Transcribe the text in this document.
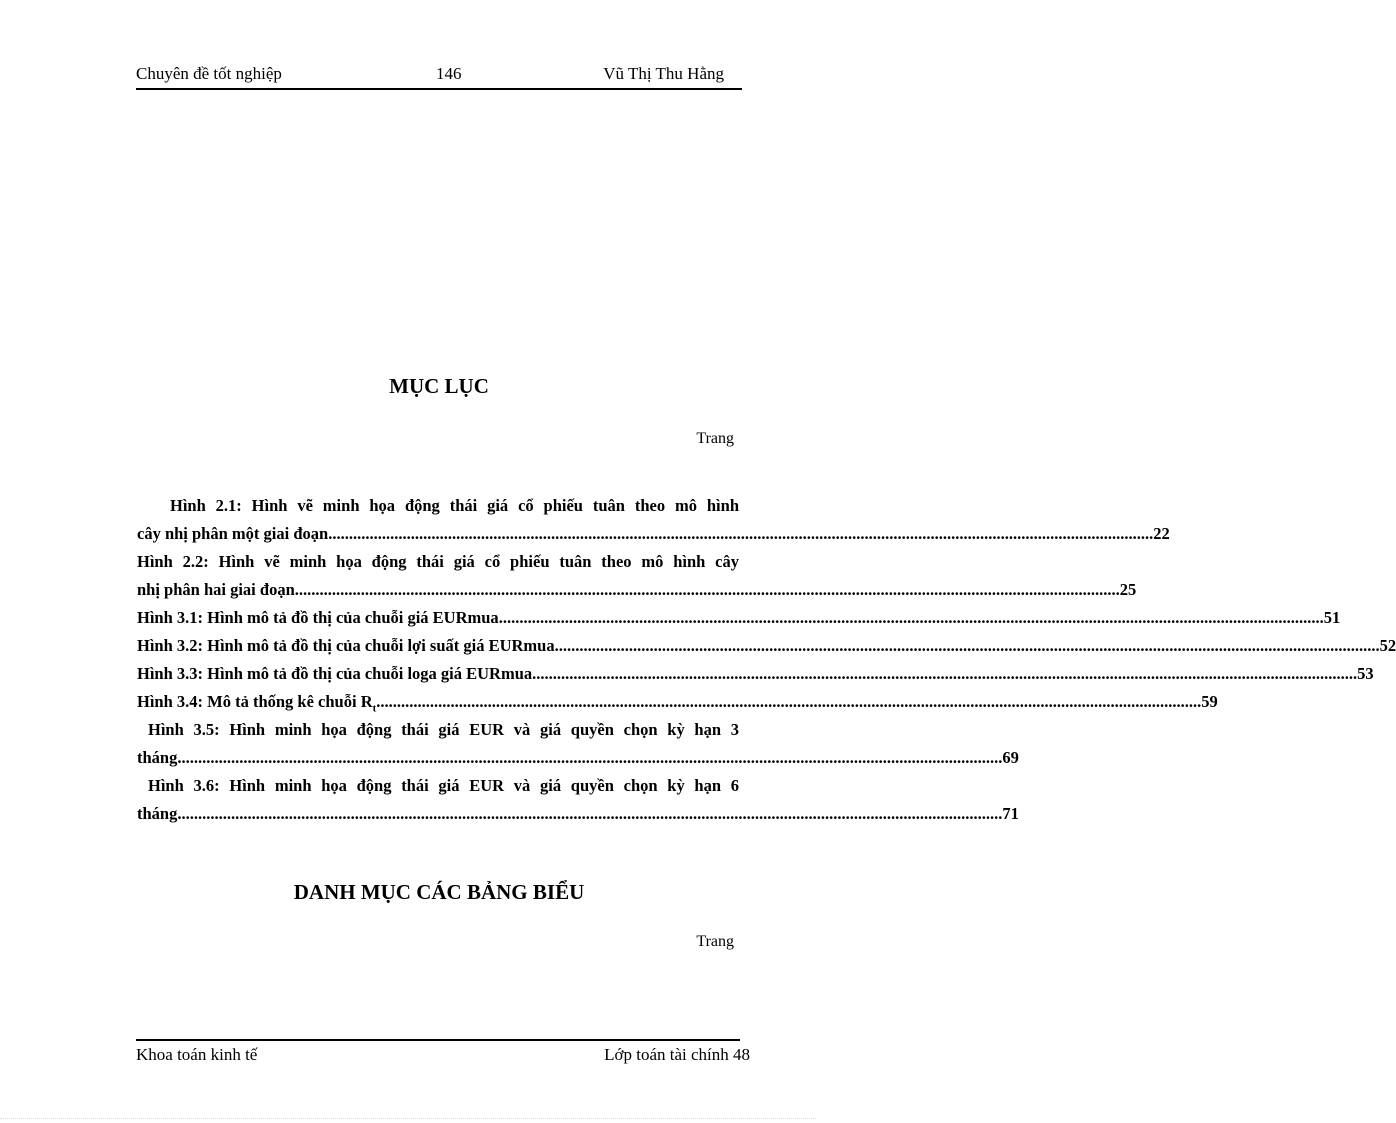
Chuyên đề tốt nghiệp	146	Vũ Thị Thu Hằng
MỤC LỤC
Trang
Hình 2.1: Hình vẽ minh họa động thái giá cổ phiếu tuân theo mô hình
cây nhị phân một giai đoạn ........................................................................................................................................................................................................ 22
Hình 2.2: Hình vẽ minh họa động thái giá cổ phiếu tuân theo mô hình cây
nhị phân hai giai đoạn ........................................................................................................................................................................................................ 25
Hình 3.1: Hình mô tả đồ thị của chuỗi giá EURmua ........................................................................................................................................................................................................ 51
Hình 3.2: Hình mô tả đồ thị của chuỗi lợi suất giá EURmua ........................................................................................................................................................................................................ 52
Hình 3.3: Hình mô tả đồ thị của chuỗi loga giá EURmua ........................................................................................................................................................................................................ 53
Hình 3.4: Mô tả thống kê chuỗi $R_t$ ........................................................................................................................................................................................................ 59
Hình 3.5: Hình minh họa động thái giá EUR và giá quyền chọn kỳ hạn 3
tháng ........................................................................................................................................................................................................ 69
Hình 3.6: Hình minh họa động thái giá EUR và giá quyền chọn kỳ hạn 6
tháng ........................................................................................................................................................................................................ 71
DANH MỤC CÁC BẢNG BIỂU
Trang
Khoa toán kinh tế	Lớp toán tài chính 48
